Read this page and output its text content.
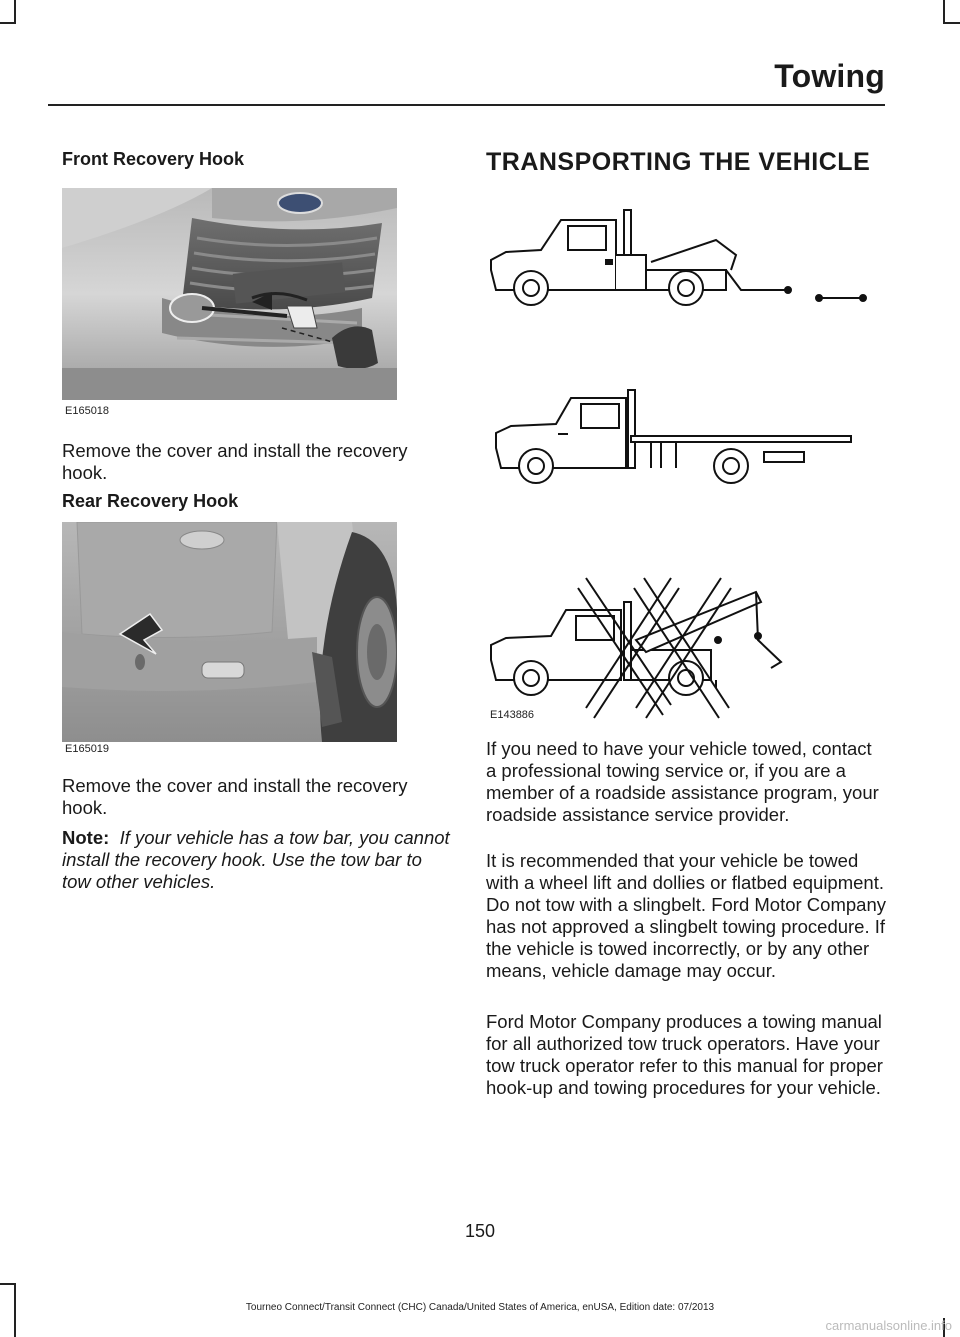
Towing
Front Recovery Hook
E165018

Remove the cover and install the recovery hook.

Rear Recovery Hook
E165019

Remove the cover and install the recovery hook.

Note: If your vehicle has a tow bar, you cannot install the recovery hook. Use the tow bar to tow other vehicles.

TRANSPORTING THE VEHICLE
E143886

If you need to have your vehicle towed, contact a professional towing service or, if you are a member of a roadside assistance program, your roadside assistance service provider.

It is recommended that your vehicle be towed with a wheel lift and dollies or flatbed equipment. Do not tow with a slingbelt. Ford Motor Company has not approved a slingbelt towing procedure. If the vehicle is towed incorrectly, or by any other means, vehicle damage may occur.

Ford Motor Company produces a towing manual for all authorized tow truck operators. Have your tow truck operator refer to this manual for proper hook-up and towing procedures for your vehicle.

150
Tourneo Connect/Transit Connect (CHC) Canada/United States of America, enUSA, Edition date: 07/2013
carmanualsonline.info
